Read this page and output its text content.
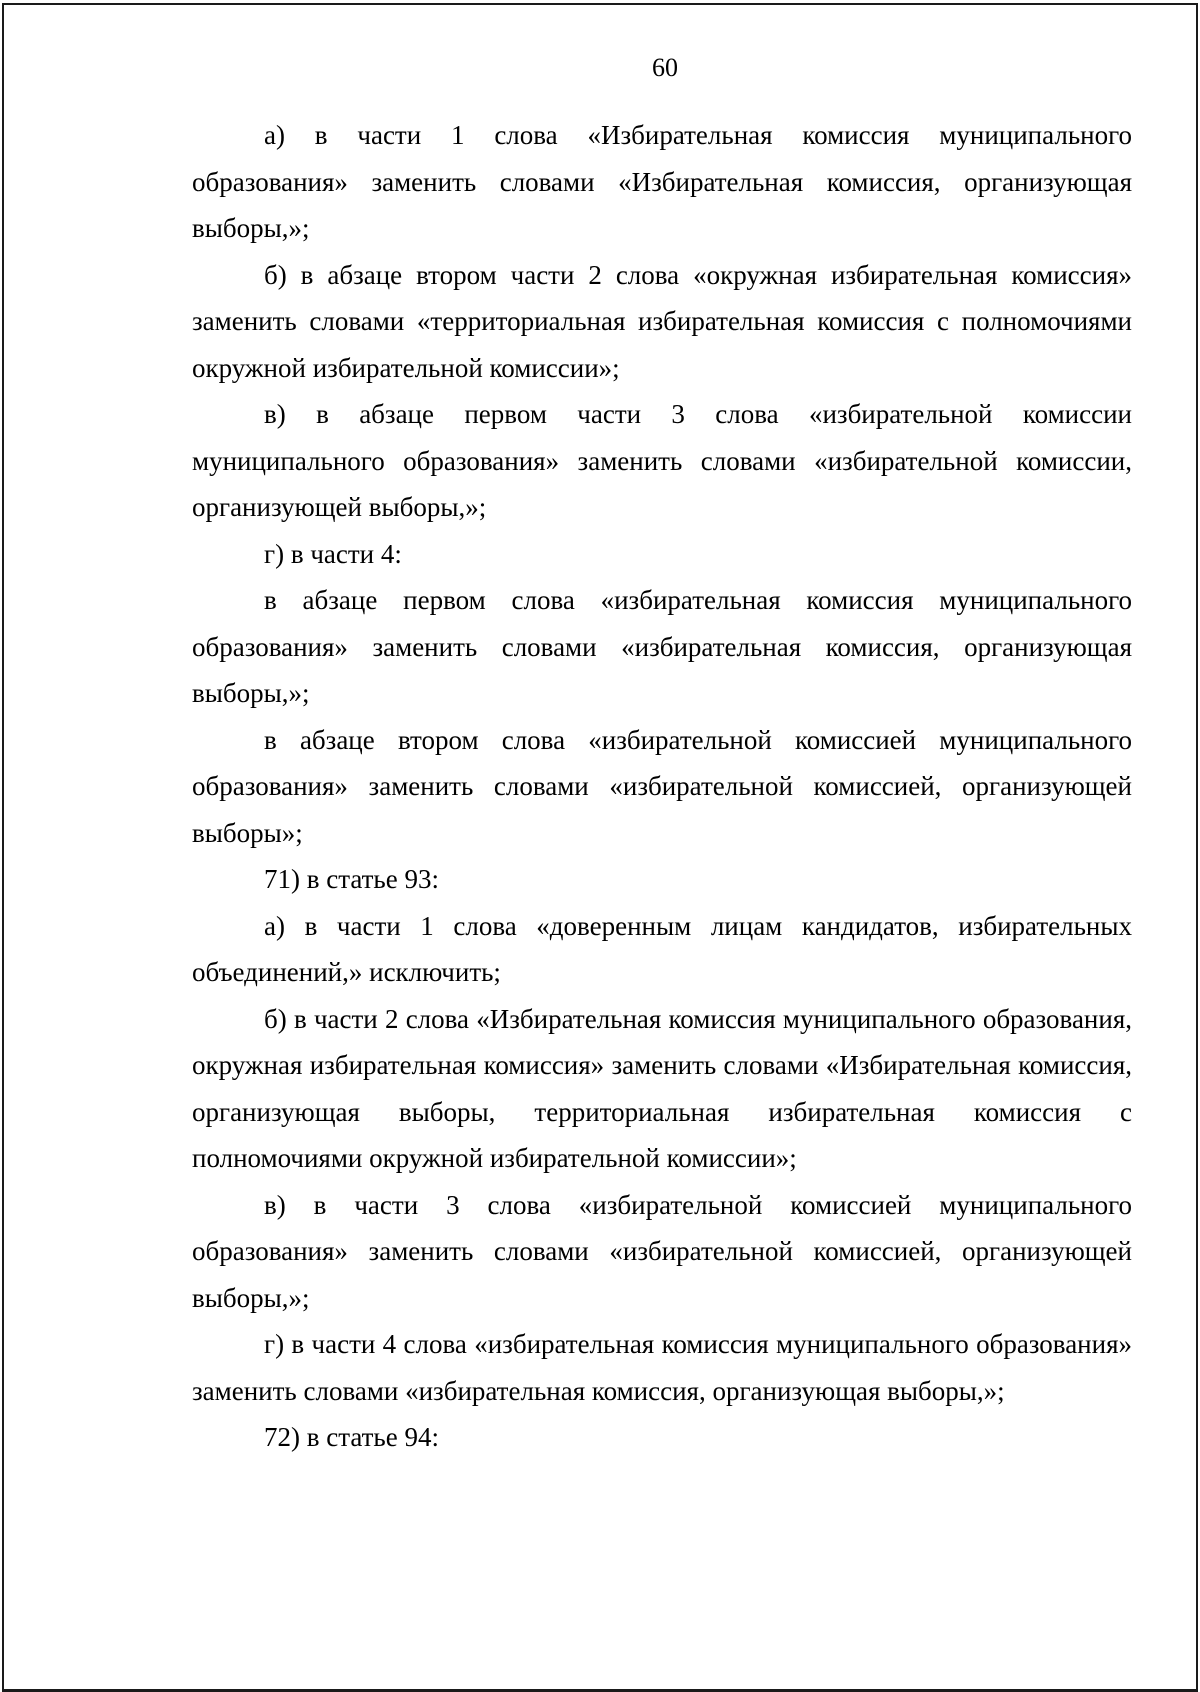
60

а) в части 1 слова «Избирательная комиссия муниципального образования» заменить словами «Избирательная комиссия, организующая выборы,»;

б) в абзаце втором части 2 слова «окружная избирательная комиссия» заменить словами «территориальная избирательная комиссия с полномочиями окружной избирательной комиссии»;

в) в абзаце первом части 3 слова «избирательной комиссии муниципального образования» заменить словами «избирательной комиссии, организующей выборы,»;

г) в части 4:

в абзаце первом слова «избирательная комиссия муниципального образования» заменить словами «избирательная комиссия, организующая выборы,»;

в абзаце втором слова «избирательной комиссией муниципального образования» заменить словами «избирательной комиссией, организующей выборы»;

71) в статье 93:

а) в части 1 слова «доверенным лицам кандидатов, избирательных объединений,» исключить;

б) в части 2 слова «Избирательная комиссия муниципального образования, окружная избирательная комиссия» заменить словами «Избирательная комиссия, организующая выборы, территориальная избирательная комиссия с полномочиями окружной избирательной комиссии»;

в) в части 3 слова «избирательной комиссией муниципального образования» заменить словами «избирательной комиссией, организующей выборы,»;

г) в части 4 слова «избирательная комиссия муниципального образования» заменить словами «избирательная комиссия, организующая выборы,»;

72) в статье 94:
